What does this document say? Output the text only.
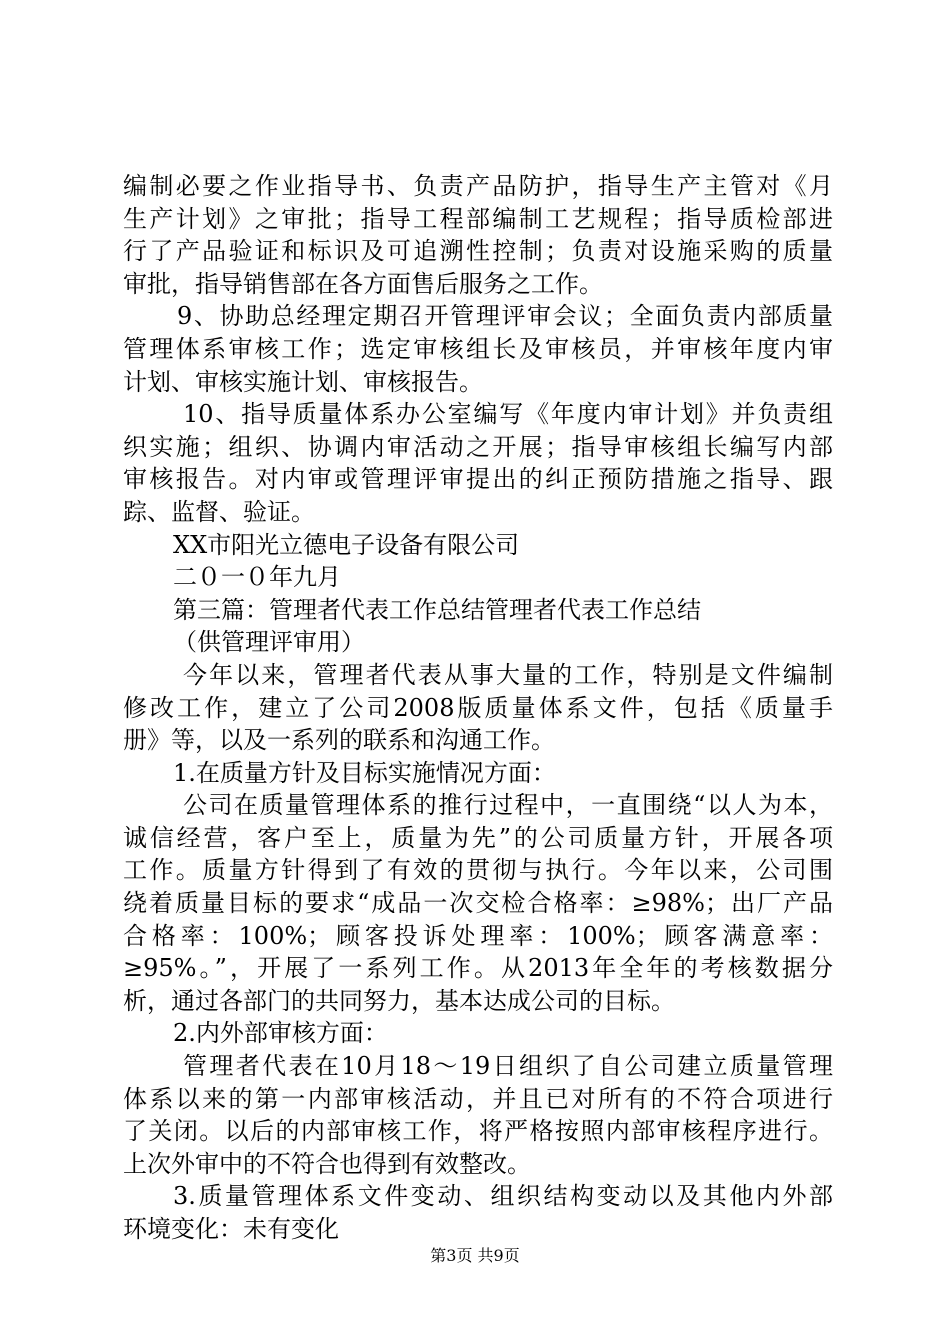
编制必要之作业指导书、负责产品防护，指导生产主管对《月
生产计划》之审批；指导工程部编制工艺规程；指导质检部进
行了产品验证和标识及可追溯性控制；负责对设施采购的质量
审批，指导销售部在各方面售后服务之工作。
9、协助总经理定期召开管理评审会议；全面负责内部质量
管理体系审核工作；选定审核组长及审核员，并审核年度内审
计划、审核实施计划、审核报告。
10、指导质量体系办公室编写《年度内审计划》并负责组
织实施；组织、协调内审活动之开展；指导审核组长编写内部
审核报告。对内审或管理评审提出的纠正预防措施之指导、跟
踪、监督、验证。
XX市阳光立德电子设备有限公司
二０一０年九月
第三篇：管理者代表工作总结管理者代表工作总结
（供管理评审用）
今年以来，管理者代表从事大量的工作，特别是文件编制
修改工作，建立了公司2008版质量体系文件，包括《质量手
册》等，以及一系列的联系和沟通工作。
1.在质量方针及目标实施情况方面：
公司在质量管理体系的推行过程中，一直围绕“以人为本，
诚信经营，客户至上，质量为先”的公司质量方针，开展各项
工作。质量方针得到了有效的贯彻与执行。今年以来，公司围
绕着质量目标的要求“成品一次交检合格率：≥98%；出厂产品
合格率：100%；顾客投诉处理率：100%；顾客满意率：
≥95%。”，开展了一系列工作。从2013年全年的考核数据分
析，通过各部门的共同努力，基本达成公司的目标。
2.内外部审核方面：
管理者代表在10月18～19日组织了自公司建立质量管理
体系以来的第一内部审核活动，并且已对所有的不符合项进行
了关闭。以后的内部审核工作，将严格按照内部审核程序进行。
上次外审中的不符合也得到有效整改。
3.质量管理体系文件变动、组织结构变动以及其他内外部
环境变化：未有变化
第3页 共9页
